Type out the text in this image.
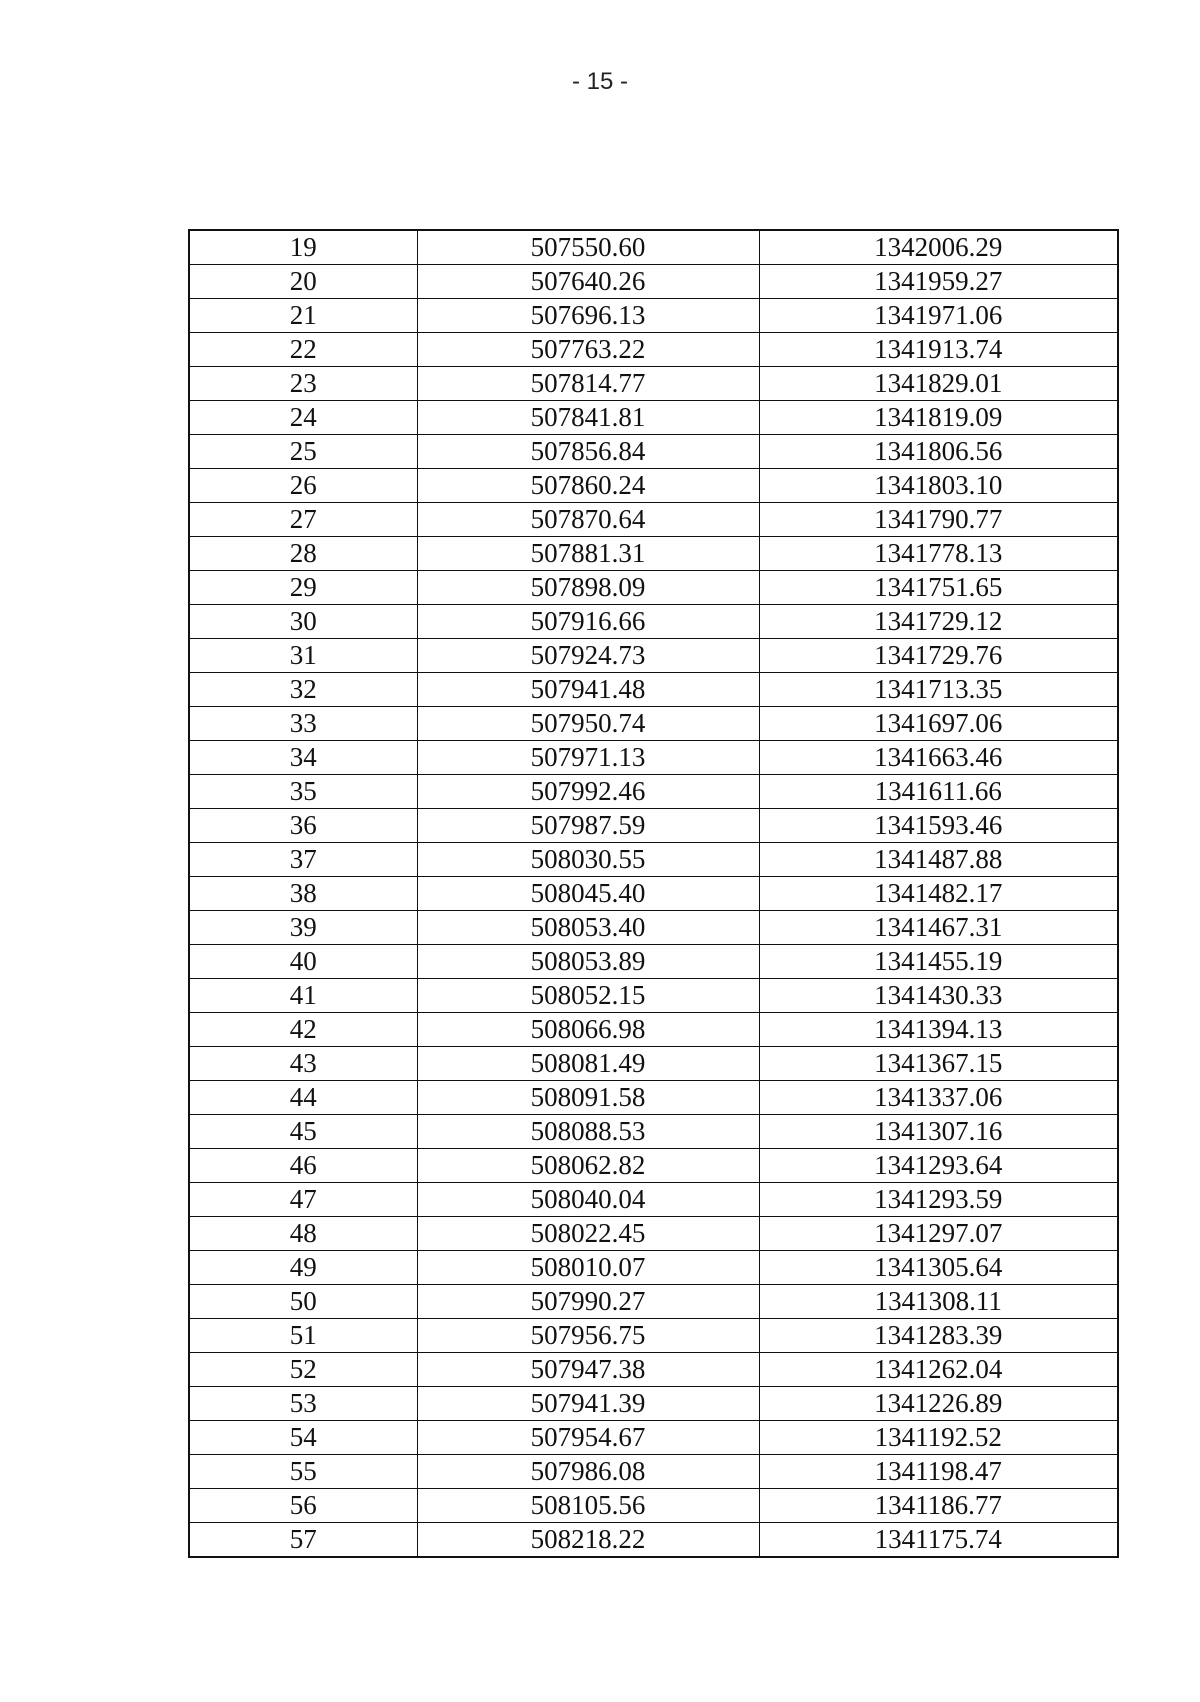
- 15 -
19	507550.60	1342006.29
20	507640.26	1341959.27
21	507696.13	1341971.06
22	507763.22	1341913.74
23	507814.77	1341829.01
24	507841.81	1341819.09
25	507856.84	1341806.56
26	507860.24	1341803.10
27	507870.64	1341790.77
28	507881.31	1341778.13
29	507898.09	1341751.65
30	507916.66	1341729.12
31	507924.73	1341729.76
32	507941.48	1341713.35
33	507950.74	1341697.06
34	507971.13	1341663.46
35	507992.46	1341611.66
36	507987.59	1341593.46
37	508030.55	1341487.88
38	508045.40	1341482.17
39	508053.40	1341467.31
40	508053.89	1341455.19
41	508052.15	1341430.33
42	508066.98	1341394.13
43	508081.49	1341367.15
44	508091.58	1341337.06
45	508088.53	1341307.16
46	508062.82	1341293.64
47	508040.04	1341293.59
48	508022.45	1341297.07
49	508010.07	1341305.64
50	507990.27	1341308.11
51	507956.75	1341283.39
52	507947.38	1341262.04
53	507941.39	1341226.89
54	507954.67	1341192.52
55	507986.08	1341198.47
56	508105.56	1341186.77
57	508218.22	1341175.74
